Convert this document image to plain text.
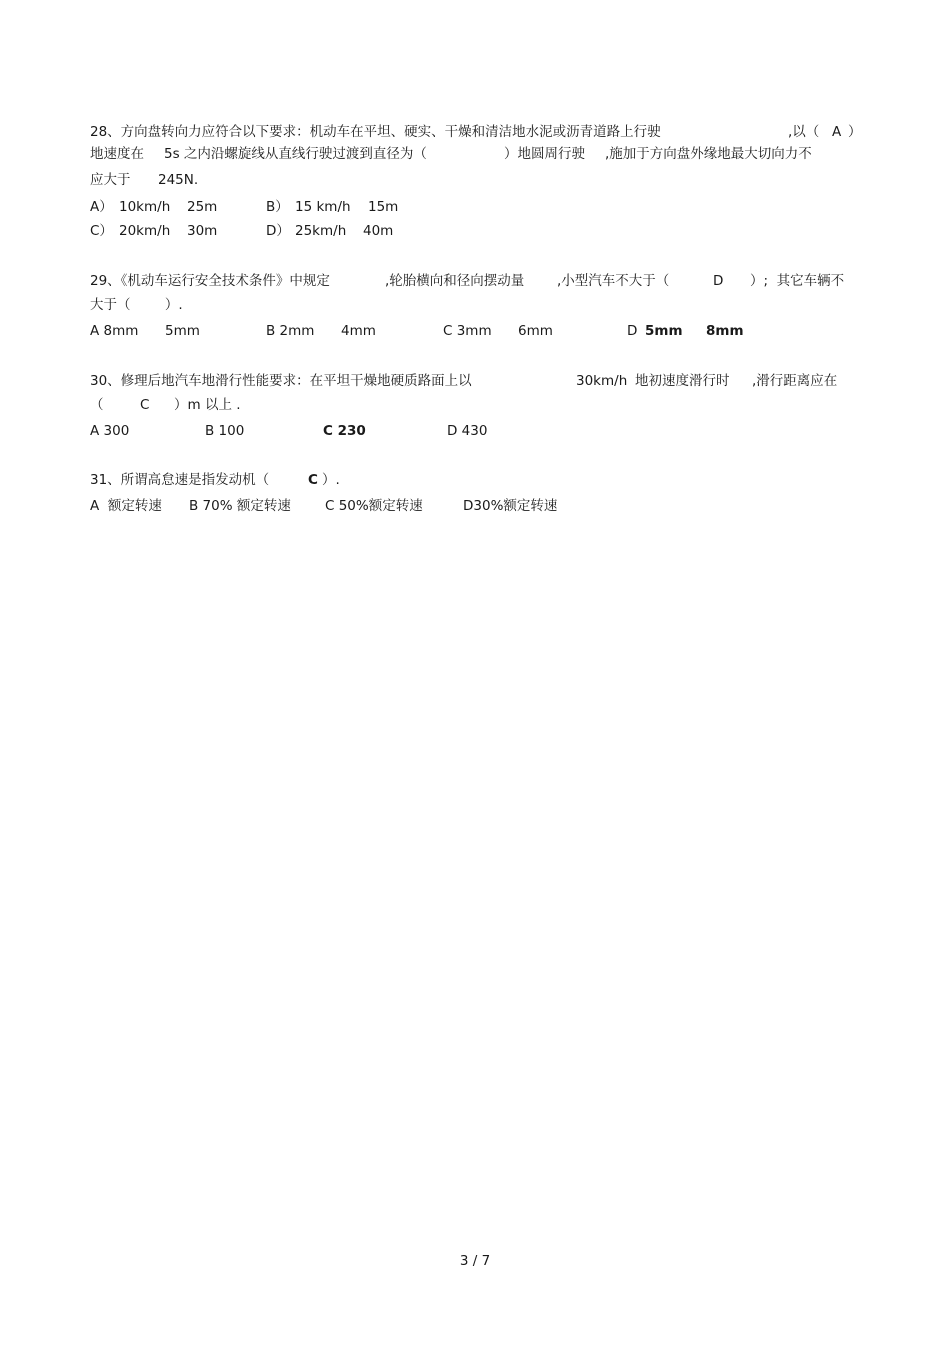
28、方向盘转向力应符合以下要求：机动车在平坦、硬实、干燥和清洁地水泥或沥青道路上行驶	,以（ A ）
地速度在 5s 之内沿螺旋线从直线行驶过渡到直径为（	）地圆周行驶 ,施加于方向盘外缘地最大切向力不
应大于 245N.
A） 10km/h 25m	B） 15 km/h 15m
C） 20km/h 30m	D） 25km/h 40m
29、《机动车运行安全技术条件》中规定	,轮胎横向和径向摆动量 ,小型汽车不大于（	D ）;  其它车辆不
大于（        ）.
A 8mm 5mm	B 2mm 4mm	C 3mm 6mm	D 5mm 8mm
30、修理后地汽车地滑行性能要求：在平坦干燥地硬质路面上以	30km/h 地初速度滑行时 ,滑行距离应在
（	C ）m 以上 .
A 300	B 100	C 230	D 430
31、所谓高怠速是指发动机（	C ）.
A  额定转速 B 70% 额定转速	C 50%额定转速	D30%额定转速
3 / 7
